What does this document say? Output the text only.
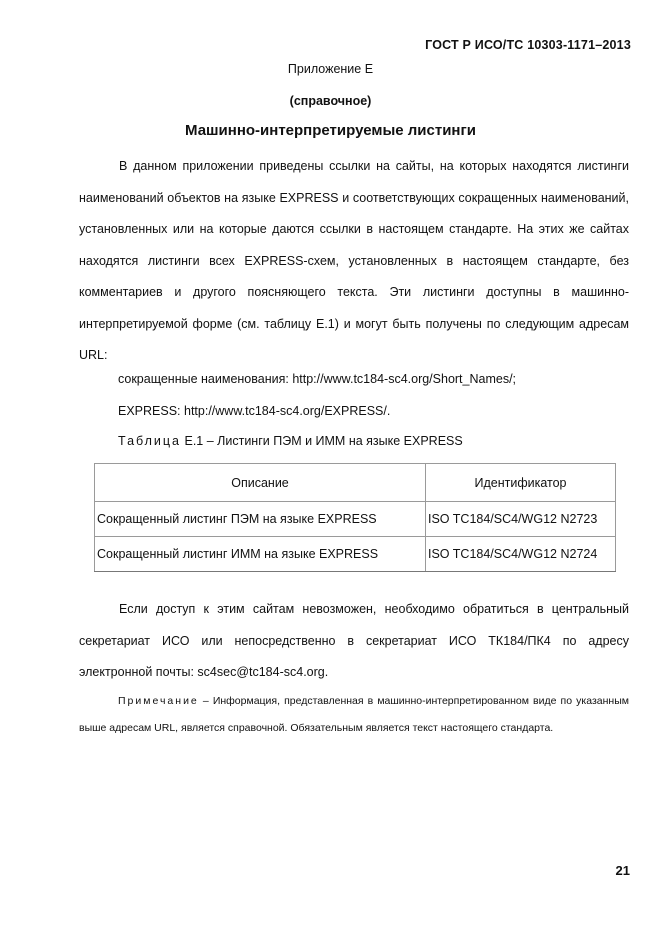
ГОСТ Р ИСО/ТС 10303-1171–2013
Приложение Е
(справочное)
Машинно-интерпретируемые листинги

В данном приложении приведены ссылки на сайты, на которых находятся листинги наименований объектов на языке EXPRESS и соответствующих сокращенных наименований, установленных или на которые даются ссылки в настоящем стандарте. На этих же сайтах находятся листинги всех EXPRESS-схем, установленных в настоящем стандарте, без комментариев и другого поясняющего текста. Эти листинги доступны в машинно-интерпретируемой форме (см. таблицу Е.1) и могут быть получены по следующим адресам URL:

сокращенные наименования: http://www.tc184-sc4.org/Short_Names/;
EXPRESS: http://www.tc184-sc4.org/EXPRESS/.
Таблица Е.1 – Листинги ПЭМ и ИММ на языке EXPRESS
Описание	Идентификатор
Сокращенный листинг ПЭМ на языке EXPRESS	ISO TC184/SC4/WG12 N2723
Сокращенный листинг ИММ на языке EXPRESS	ISO TC184/SC4/WG12 N2724

Если доступ к этим сайтам невозможен, необходимо обратиться в центральный секретариат ИСО или непосредственно в секретариат ИСО ТК184/ПК4 по адресу электронной почты: sc4sec@tc184-sc4.org.

Примечание – Информация, представленная в машинно-интерпретированном виде по указанным выше адресам URL, является справочной. Обязательным является текст настоящего стандарта.

21
